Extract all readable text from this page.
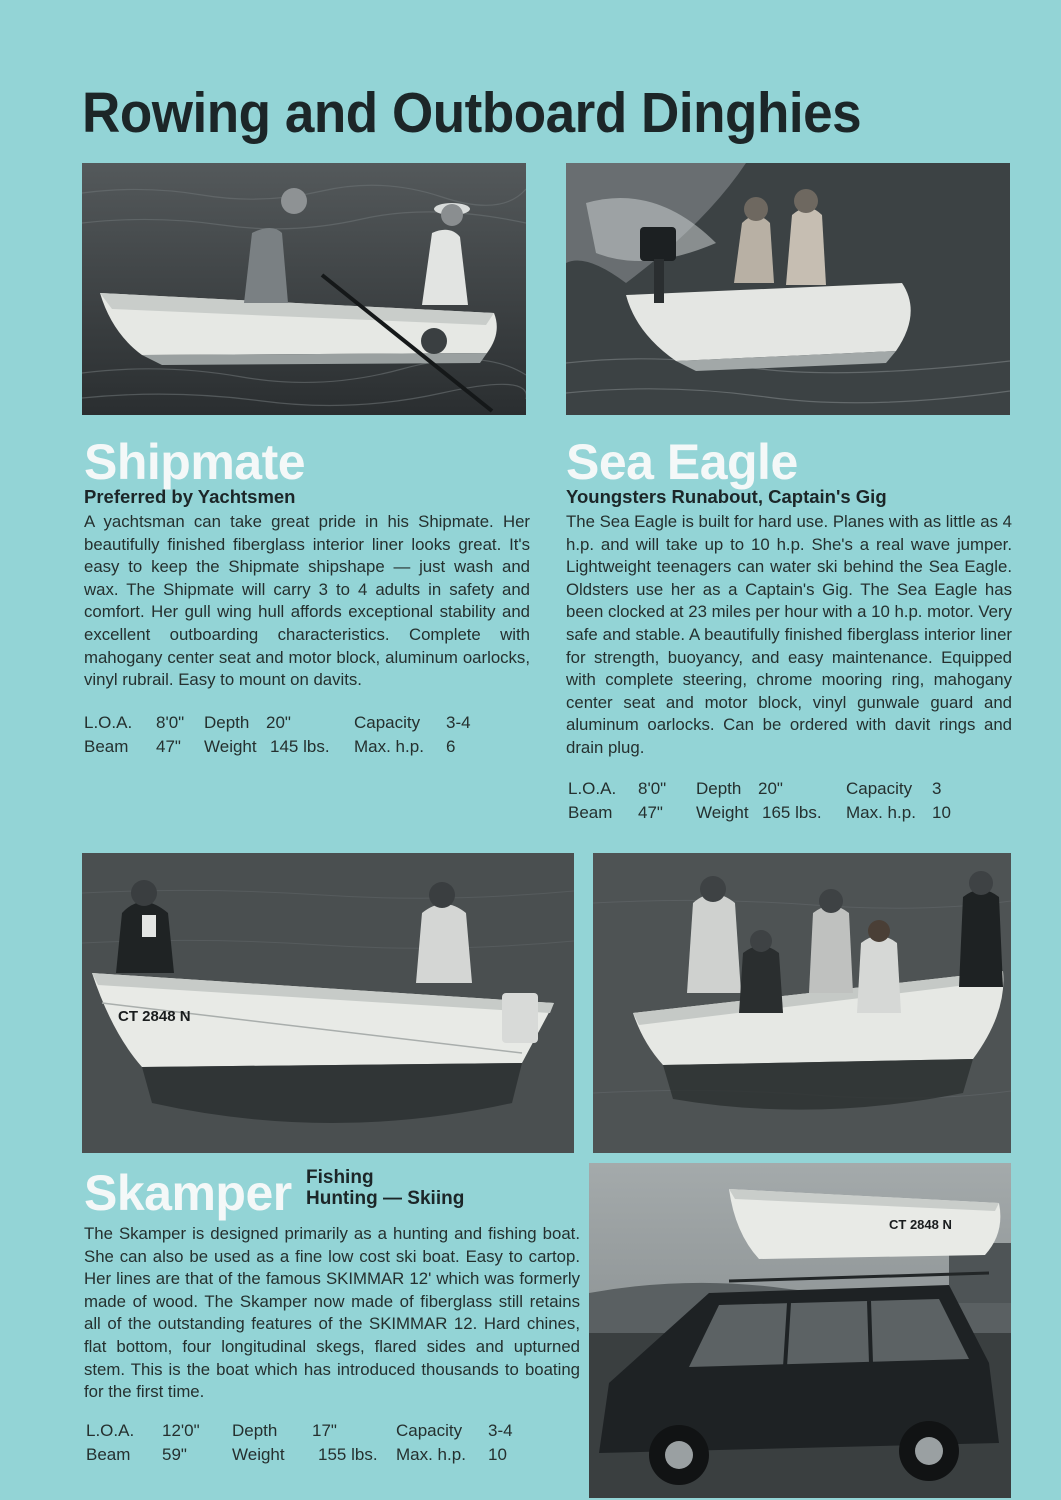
Rowing and Outboard Dinghies
Shipmate
Preferred by Yachtsmen
A yachtsman can take great pride in his Shipmate. Her beautifully finished fiberglass interior liner looks great. It's easy to keep the Shipmate shipshape — just wash and wax. The Shipmate will carry 3 to 4 adults in safety and comfort. Her gull wing hull affords exceptional stability and excellent outboarding characteristics. Complete with mahogany center seat and motor block, aluminum oarlocks, vinyl rubrail. Easy to mount on davits.
L.O.A. 8'0" Depth 20"	Capacity 3-4
Beam 47" Weight 145 lbs. Max. h.p. 6
Sea Eagle
Youngsters Runabout, Captain's Gig
The Sea Eagle is built for hard use. Planes with as little as 4 h.p. and will take up to 10 h.p. She's a real wave jumper. Lightweight teenagers can water ski behind the Sea Eagle. Oldsters use her as a Captain's Gig. The Sea Eagle has been clocked at 23 miles per hour with a 10 h.p. motor. Very safe and stable. A beautifully finished fiberglass interior liner for strength, buoyancy, and easy maintenance. Equipped with complete steering, chrome mooring ring, mahogany center seat and motor block, vinyl gunwale guard and aluminum oarlocks. Can be ordered with davit rings and drain plug.
L.O.A. 8'0" Depth 20"	Capacity 3
Beam 47" Weight 165 lbs. Max. h.p. 10
CT 2848 N
Skamper Fishing
Hunting — Skiing
The Skamper is designed primarily as a hunting and fishing boat. She can also be used as a fine low cost ski boat. Easy to cartop. Her lines are that of the famous SKIMMAR 12' which was formerly made of wood. The Skamper now made of fiberglass still retains all of the outstanding features of the SKIMMAR 12. Hard chines, flat bottom, four longitudinal skegs, flared sides and upturned stem. This is the boat which has introduced thousands to boating for the first time.
L.O.A. 12'0" Depth 17"	Capacity 3-4
Beam 59"	Weight 155 lbs. Max. h.p. 10
CT 2848 N
